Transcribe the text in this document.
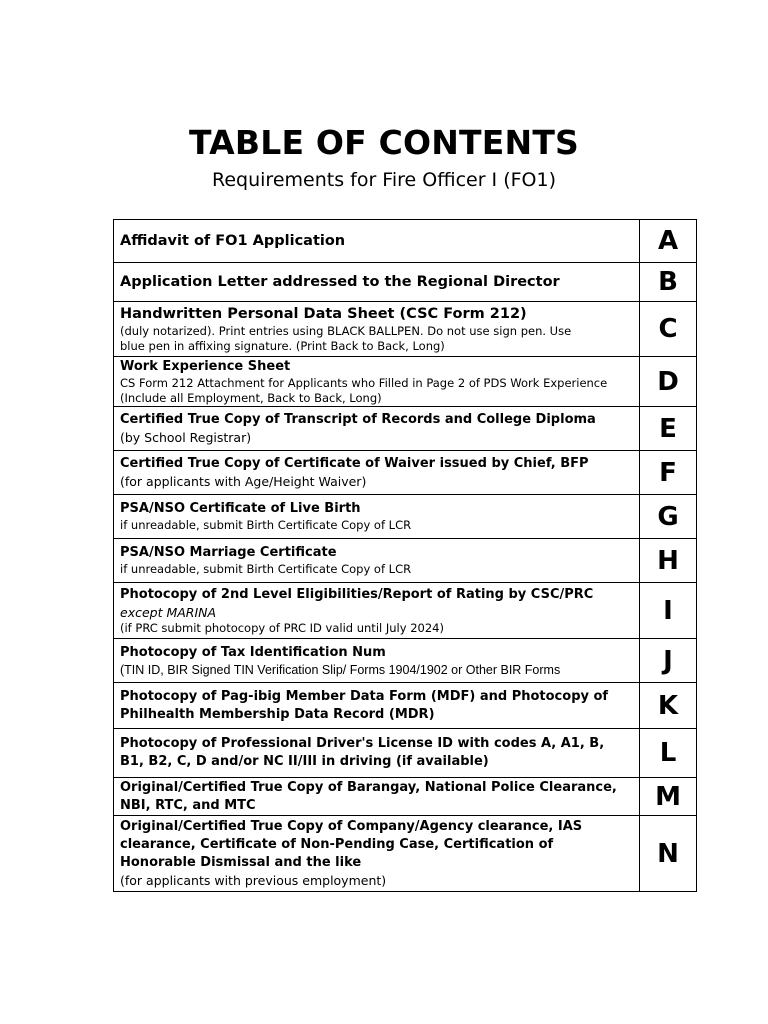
TABLE OF CONTENTS
Requirements for Fire Officer I (FO1)
Affidavit of FO1 Application	A

Application Letter addressed to the Regional Director	B

Handwritten Personal Data Sheet (CSC Form 212)
(duly notarized). Print entries using BLACK BALLPEN. Do not use sign pen. Use
blue pen in affixing signature. (Print Back to Back, Long)	C

Work Experience Sheet
CS Form 212 Attachment for Applicants who Filled in Page 2 of PDS Work Experience
(Include all Employment, Back to Back, Long)	D

Certified True Copy of Transcript of Records and College Diploma
(by School Registrar)	E

Certified True Copy of Certificate of Waiver issued by Chief, BFP
(for applicants with Age/Height Waiver)	F

PSA/NSO Certificate of Live Birth
if unreadable, submit Birth Certificate Copy of LCR	G

PSA/NSO Marriage Certificate
if unreadable, submit Birth Certificate Copy of LCR	H

Photocopy of 2nd Level Eligibilities/Report of Rating by CSC/PRC
except MARINA
(if PRC submit photocopy of PRC ID valid until July 2024)	I

Photocopy of Tax Identification Num
(TIN ID, BIR Signed TIN Verification Slip/ Forms 1904/1902 or Other BIR Forms	J

Photocopy of Pag-ibig Member Data Form (MDF) and Photocopy of
Philhealth Membership Data Record (MDR)	K

Photocopy of Professional Driver's License ID with codes A, A1, B,
B1, B2, C, D and/or NC II/III in driving (if available)	L

Original/Certified True Copy of Barangay, National Police Clearance,
NBI, RTC, and MTC	M

Original/Certified True Copy of Company/Agency clearance, IAS
clearance, Certificate of Non-Pending Case, Certification of
Honorable Dismissal and the like
(for applicants with previous employment)	N
